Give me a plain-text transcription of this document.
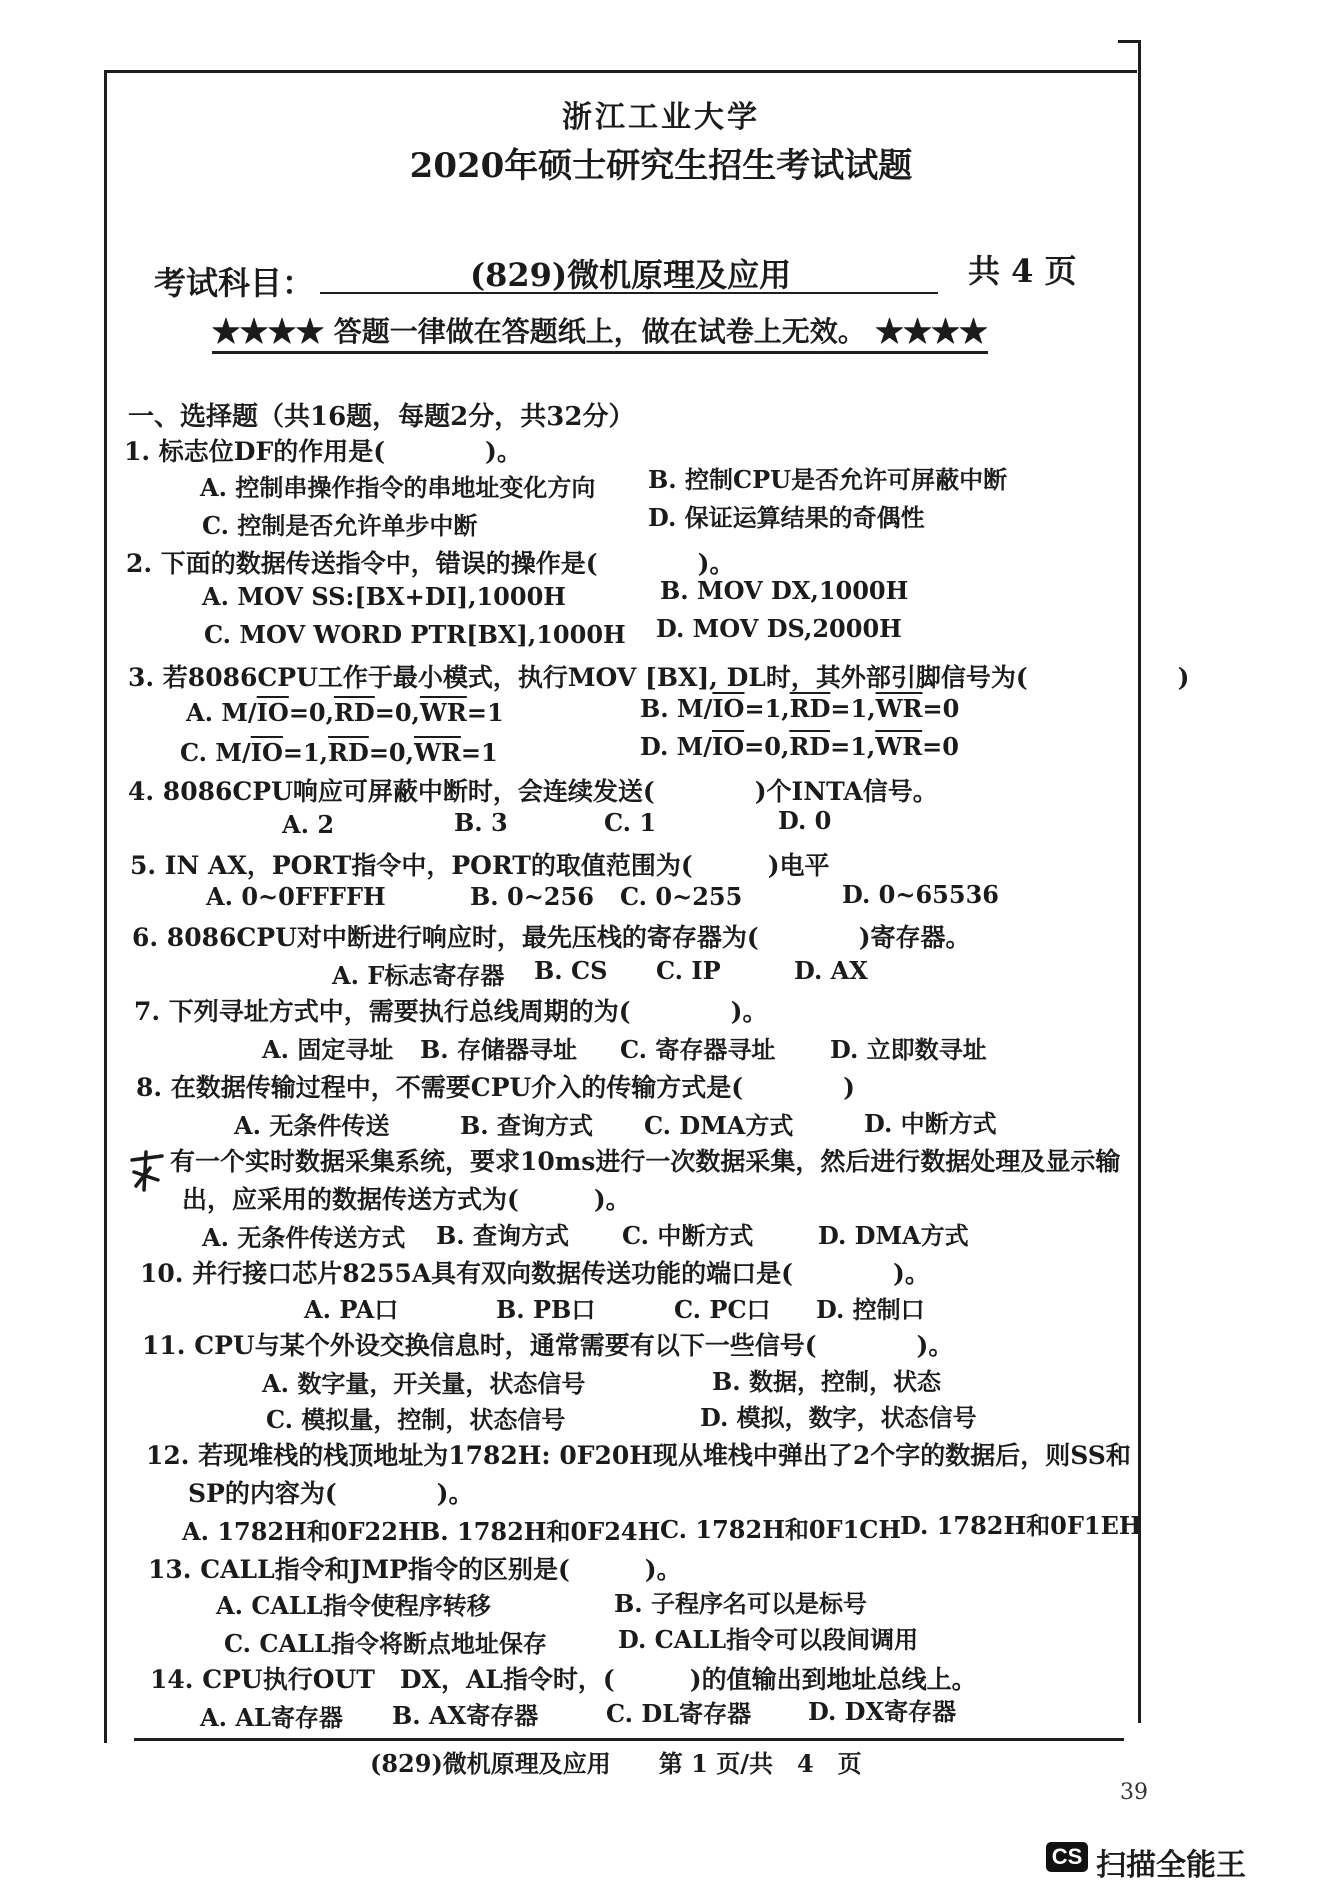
浙江工业大学
2020年硕士研究生招生考试试题
考试科目：	(829)微机原理及应用	共 4 页
★★★★ 答题一律做在答题纸上，做在试卷上无效。 ★★★★
一、选择题（共16题，每题2分，共32分）
1. 标志位DF的作用是(　　　　)。
A. 控制串操作指令的串地址变化方向 B. 控制CPU是否允许可屏蔽中断
C. 控制是否允许单步中断	D. 保证运算结果的奇偶性
2. 下面的数据传送指令中，错误的操作是(　　　　)。
A. MOV SS:[BX+DI],1000H	B. MOV DX,1000H
C. MOV WORD PTR[BX],1000H D. MOV DS,2000H
3. 若8086CPU工作于最小模式，执行MOV [BX], DL时，其外部引脚信号为(　　　　　　)
A. $M/\overline{IO}=0,\overline{RD}=0,\overline{WR}=1$	B. $M/\overline{IO}=1,\overline{RD}=1,\overline{WR}=0$
C. $M/\overline{IO}=1,\overline{RD}=0,\overline{WR}=1$	D. $M/\overline{IO}=0,\overline{RD}=1,\overline{WR}=0$
4. 8086CPU响应可屏蔽中断时，会连续发送(　　　　)个INTA信号。
A. 2	B. 3	C. 1	D. 0
5. IN AX，PORT指令中，PORT的取值范围为(　　　)电平
A. 0~0FFFFH	B. 0~256 C. 0~255	D. 0~65536
6. 8086CPU对中断进行响应时，最先压栈的寄存器为(　　　　)寄存器。
A. F标志寄存器 B. CS C. IP	D. AX
7. 下列寻址方式中，需要执行总线周期的为(　　　　)。
A. 固定寻址 B. 存储器寻址 C. 寄存器寻址 D. 立即数寻址
8. 在数据传输过程中，不需要CPU介入的传输方式是(　　　　)
A. 无条件传送	B. 查询方式 C. DMA方式	D. 中断方式
有一个实时数据采集系统，要求10ms进行一次数据采集，然后进行数据处理及显示输
出，应采用的数据传送方式为(　　　)。
A. 无条件传送方式 B. 查询方式 C. 中断方式	D. DMA方式
10. 并行接口芯片8255A具有双向数据传送功能的端口是(　　　　)。
A. PA口	B. PB口	C. PC口 D. 控制口
11. CPU与某个外设交换信息时，通常需要有以下一些信号(　　　　)。
A. 数字量，开关量，状态信号	B. 数据，控制，状态
C. 模拟量，控制，状态信号	D. 模拟，数字，状态信号
12. 若现堆栈的栈顶地址为1782H: 0F20H现从堆栈中弹出了2个字的数据后，则SS和
SP的内容为(　　　　)。
A. 1782H和0F22H B. 1782H和0F24H C. 1782H和0F1CH
D. 1782H和0F1EH
13. CALL指令和JMP指令的区别是(　　　)。
A. CALL指令使程序转移	B. 子程序名可以是标号
C. CALL指令将断点地址保存	D. CALL指令可以段间调用
14. CPU执行OUT　DX，AL指令时，(　　　)的值输出到地址总线上。
A. AL寄存器 B. AX寄存器	C. DL寄存器 D. DX寄存器
(829)微机原理及应用　　第 1 页/共　4　页
39
CS 扫描全能王
